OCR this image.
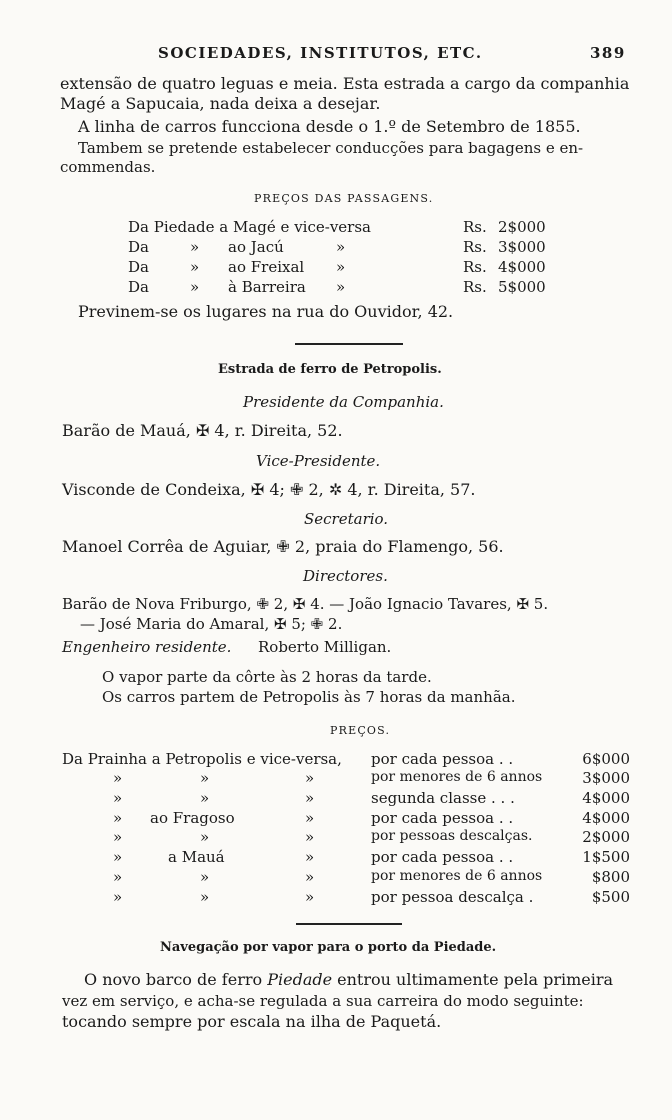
SOCIEDADES, INSTITUTOS, ETC.	389
extensão de quatro leguas e meia. Esta estrada a cargo da companhia
Magé a Sapucaia, nada deixa a desejar.
A linha de carros funcciona desde o 1.º de Setembro de 1855.
Tambem se pretende estabelecer conducções para bagagens e en-
commendas.
PREÇOS DAS PASSAGENS.
Da Piedade a Magé e vice-versa	Rs. 2$000
Da	» ao Jacú	»	Rs. 3$000
Da	» ao Freixal »	Rs. 4$000
Da	» à Barreira »	Rs. 5$000
Previnem-se os lugares na rua do Ouvidor, 42.
Estrada de ferro de Petropolis.
Presidente da Companhia.
Barão de Mauá, ✠ 4, r. Direita, 52.
Vice-Presidente.
Visconde de Condeixa, ✠ 4; ✙ 2, ✲ 4, r. Direita, 57.
Secretario.
Manoel Corrêa de Aguiar, ✙ 2, praia do Flamengo, 56.
Directores.
Barão de Nova Friburgo, ✙ 2, ✠ 4. — João Ignacio Tavares, ✠ 5.
— José Maria do Amaral, ✠ 5; ✙ 2.
Engenheiro residente. Roberto Milligan.
O vapor parte da côrte às 2 horas da tarde.
Os carros partem de Petropolis às 7 horas da manhãa.
PREÇOS.
Da Prainha a Petropolis e vice-versa, por cada pessoa . .	6$000
»	»	»	por menores de 6 annos	3$000
»	»	»	segunda classe . . .	4$000
» ao Fragoso	»	por cada pessoa . .	4$000
»	»	»	por pessoas descalças.	2$000
»	a Mauá	»	por cada pessoa . .	1$500
»	»	»	por menores de 6 annos	$800
»	»	»	por pessoa descalça .	$500
Navegação por vapor para o porto da Piedade.
O novo barco de ferro Piedade entrou ultimamente pela primeira
vez em serviço, e acha-se regulada a sua carreira do modo seguinte:
tocando sempre por escala na ilha de Paquetá.
